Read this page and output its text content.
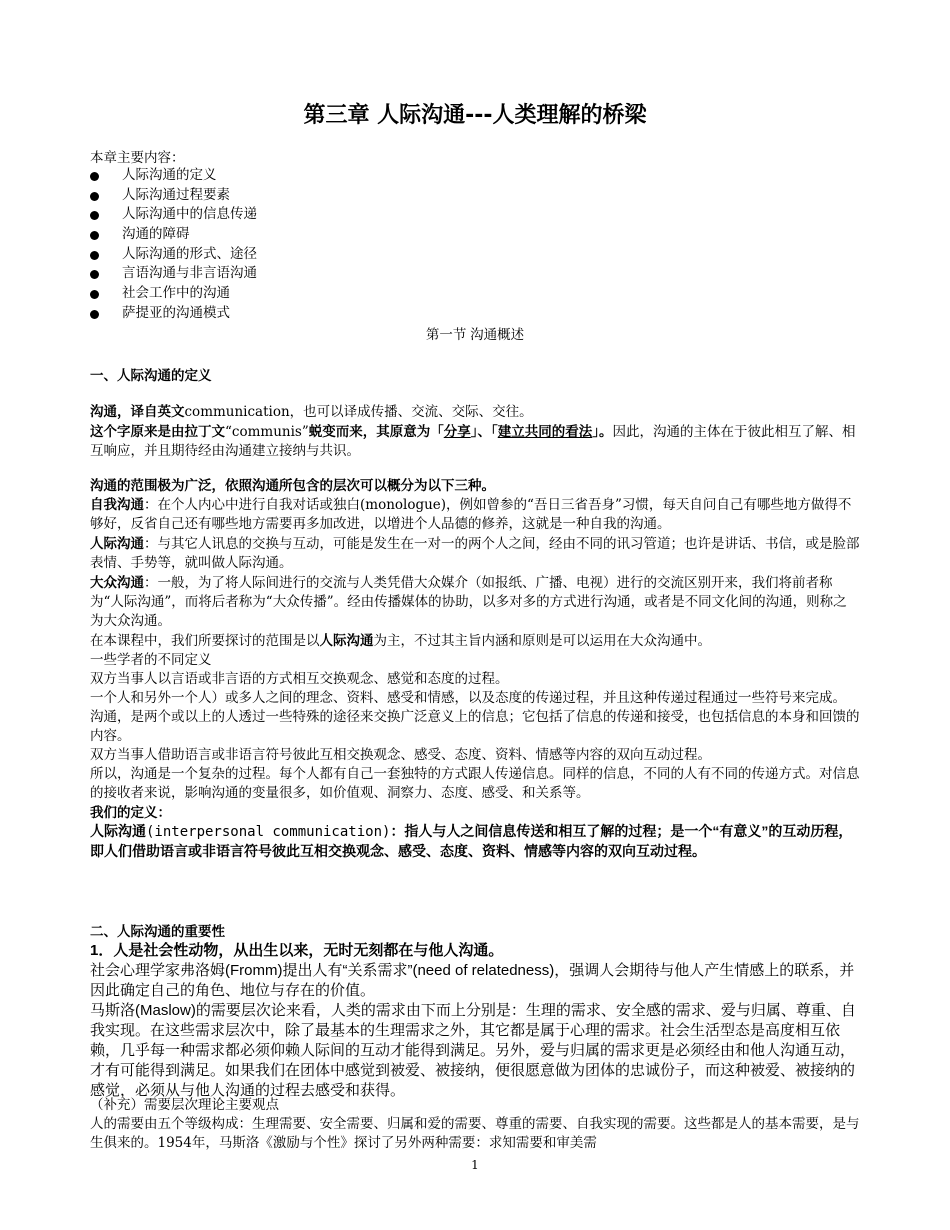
第三章 人际沟通---人类理解的桥梁
本章主要内容：
人际沟通的定义
人际沟通过程要素
人际沟通中的信息传递
沟通的障碍
人际沟通的形式、途径
言语沟通与非言语沟通
社会工作中的沟通
萨提亚的沟通模式
第一节 沟通概述
一、人际沟通的定义

沟通，译自英文communication，也可以译成传播、交流、交际、交往。

这个字原来是由拉丁文“communis”蜕变而来，其原意为「分享」、「建立共同的看法」。因此，沟通的主体在于彼此相互了解、相互响应，并且期待经由沟通建立接纳与共识。

沟通的范围极为广泛，依照沟通所包含的层次可以概分为以下三种。

自我沟通：在个人内心中进行自我对话或独白(monologue)，例如曾参的“吾日三省吾身”习惯，每天自问自己有哪些地方做得不够好，反省自己还有哪些地方需要再多加改进，以增进个人品德的修养，这就是一种自我的沟通。

人际沟通：与其它人讯息的交换与互动，可能是发生在一对一的两个人之间，经由不同的讯习管道；也许是讲话、书信，或是脸部表情、手势等，就叫做人际沟通。

大众沟通：一般，为了将人际间进行的交流与人类凭借大众媒介（如报纸、广播、电视）进行的交流区别开来，我们将前者称为“人际沟通”，而将后者称为“大众传播”。经由传播媒体的协助，以多对多的方式进行沟通，或者是不同文化间的沟通，则称之为大众沟通。

在本课程中，我们所要探讨的范围是以人际沟通为主，不过其主旨内涵和原则是可以运用在大众沟通中。

一些学者的不同定义

双方当事人以言语或非言语的方式相互交换观念、感觉和态度的过程。

一个人和另外一个人）或多人之间的理念、资料、感受和情感，以及态度的传递过程，并且这种传递过程通过一些符号来完成。

沟通，是两个或以上的人透过一些特殊的途径来交换广泛意义上的信息；它包括了信息的传递和接受，也包括信息的本身和回馈的内容。

双方当事人借助语言或非语言符号彼此互相交换观念、感受、态度、资料、情感等内容的双向互动过程。

所以，沟通是一个复杂的过程。每个人都有自己一套独特的方式跟人传递信息。同样的信息，不同的人有不同的传递方式。对信息的接收者来说，影响沟通的变量很多，如价值观、洞察力、态度、感受、和关系等。

我们的定义：

人际沟通(interpersonal communication)：指人与人之间信息传送和相互了解的过程；是一个“有意义”的互动历程，即人们借助语言或非语言符号彼此互相交换观念、感受、态度、资料、情感等内容的双向互动过程。

二、人际沟通的重要性

1．人是社会性动物，从出生以来，无时无刻都在与他人沟通。

社会心理学家弗洛姆(Fromm)提出人有“关系需求”(need of relatedness)，强调人会期待与他人产生情感上的联系，并因此确定自己的角色、地位与存在的价值。

马斯洛(Maslow)的需要层次论来看，人类的需求由下而上分别是：生理的需求、安全感的需求、爱与归属、尊重、自我实现。在这些需求层次中，除了最基本的生理需求之外，其它都是属于心理的需求。社会生活型态是高度相互依赖，几乎每一种需求都必须仰赖人际间的互动才能得到满足。另外，爱与归属的需求更是必须经由和他人沟通互动，才有可能得到满足。如果我们在团体中感觉到被爱、被接纳，便很愿意做为团体的忠诚份子，而这种被爱、被接纳的感觉，必须从与他人沟通的过程去感受和获得。

（补充）需要层次理论主要观点

人的需要由五个等级构成：生理需要、安全需要、归属和爱的需要、尊重的需要、自我实现的需要。这些都是人的基本需要，是与生俱来的。1954年，马斯洛《激励与个性》探讨了另外两种需要：求知需要和审美需

1
